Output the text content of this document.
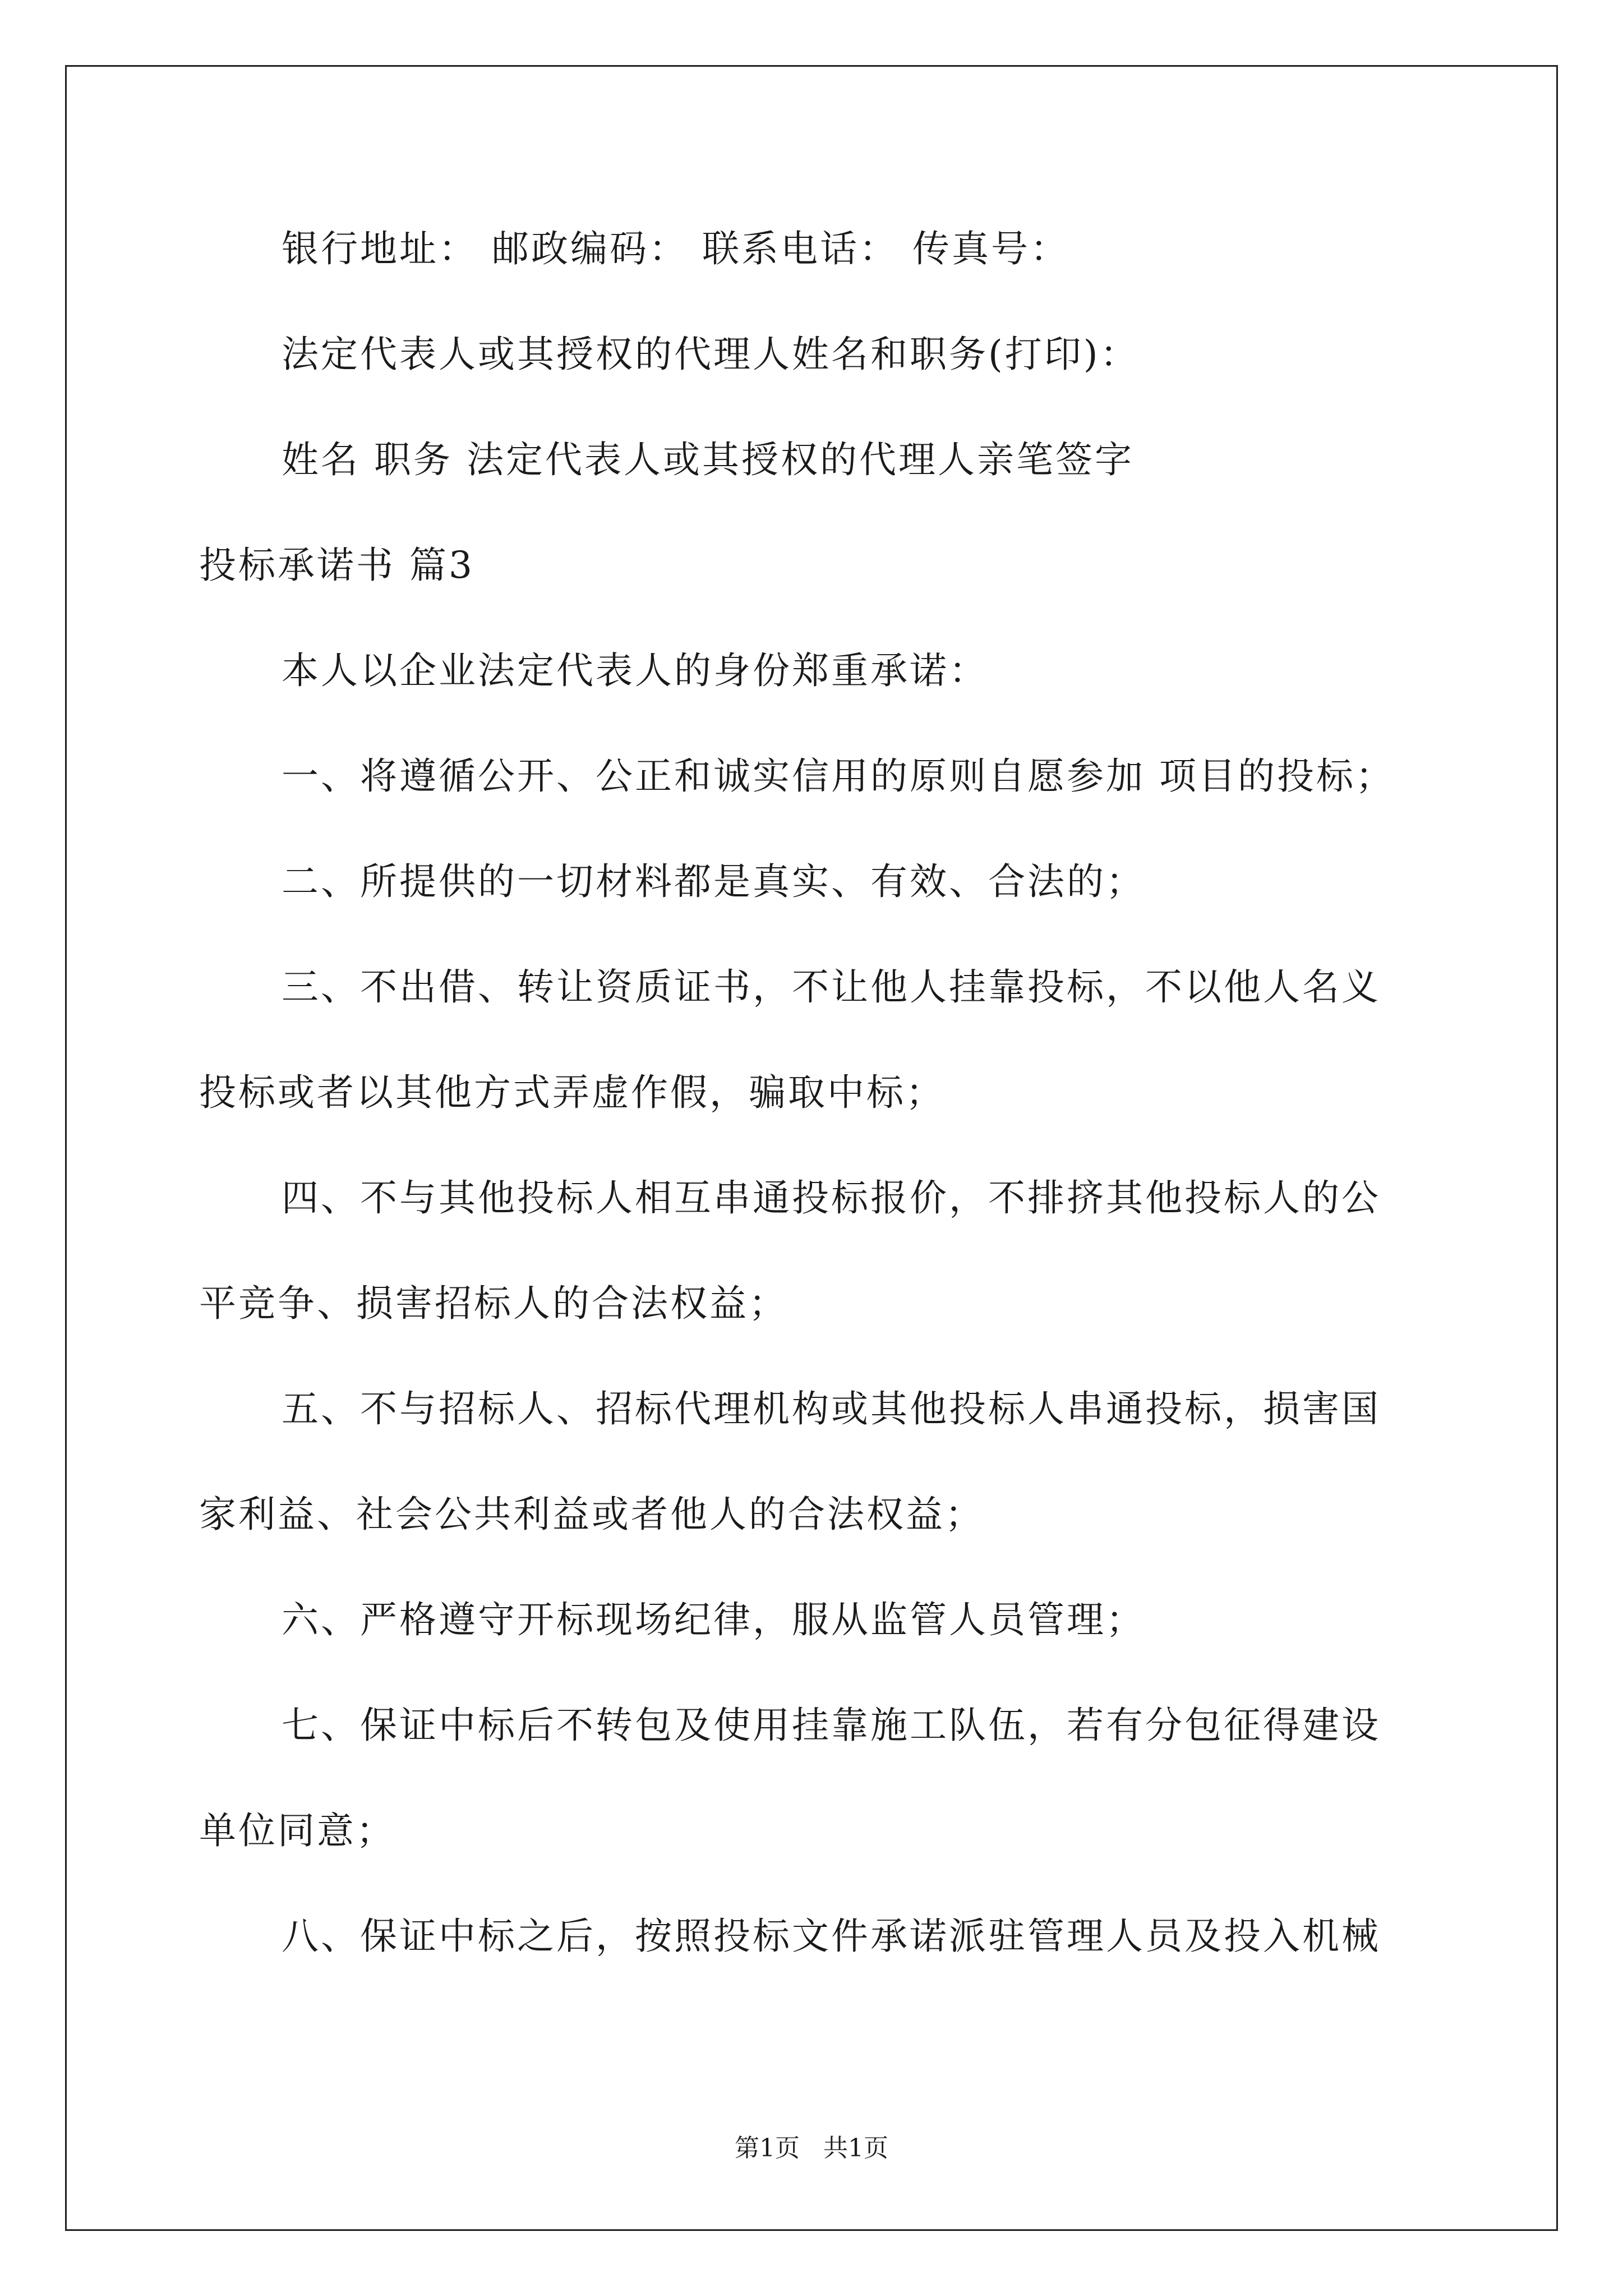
银行地址： 邮政编码： 联系电话： 传真号：
法定代表人或其授权的代理人姓名和职务(打印)：
姓名 职务 法定代表人或其授权的代理人亲笔签字
投标承诺书 篇3
本人以企业法定代表人的身份郑重承诺：
一、将遵循公开、公正和诚实信用的原则自愿参加 项目的投标；
二、所提供的一切材料都是真实、有效、合法的；
三、不出借、转让资质证书，不让他人挂靠投标，不以他人名义
投标或者以其他方式弄虚作假，骗取中标；
四、不与其他投标人相互串通投标报价，不排挤其他投标人的公
平竞争、损害招标人的合法权益；
五、不与招标人、招标代理机构或其他投标人串通投标，损害国
家利益、社会公共利益或者他人的合法权益；
六、严格遵守开标现场纪律，服从监管人员管理；
七、保证中标后不转包及使用挂靠施工队伍，若有分包征得建设
单位同意；
八、保证中标之后，按照投标文件承诺派驻管理人员及投入机械
第1页 共1页
